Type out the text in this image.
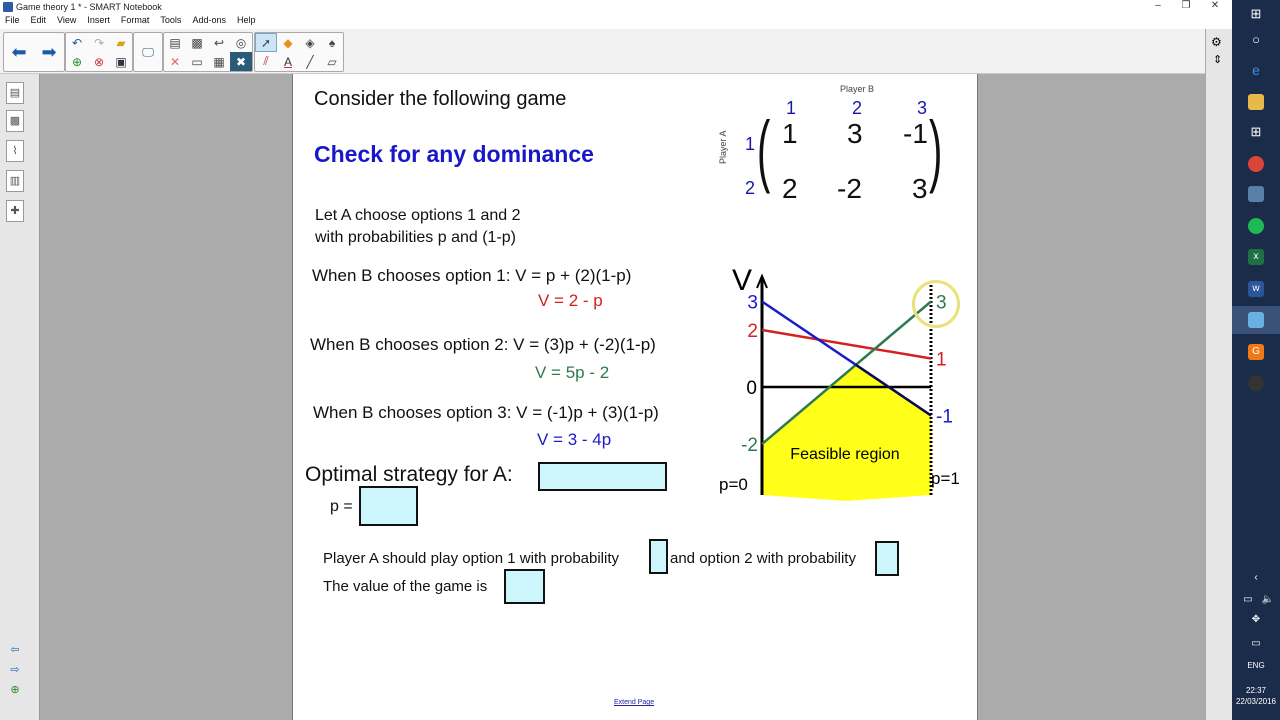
Game theory 1 * - SMART Notebook	–	❐	✕
File Edit View Insert Format Tools Add-ons Help
⬅ ➡	↶ ↷	▰
⊕ ⊗ ▣
🖵
▤ ▩ ↩ ◎
✕ ▭ ▦ ✖
➚	◆	◈	♠
⫽	A	╱	▱
▤
▩
⌇
▥
✚
⇦
⇨
⊕
⚙
⇕
Consider the following game
Check for any dominance
Player B
Player A
1	2	3
1
2 ( )
1 3 -1
2 -2 3
Let A choose options 1 and 2
with probabilities p and (1-p)
When B chooses option 1: V = p + (2)(1-p)
V = 2 - p
When B chooses option 2: V = (3)p + (-2)(1-p)
V = 5p - 2
When B chooses option 3: V = (-1)p + (3)(1-p)
V = 3 - 4p
Optimal strategy for A:
p =
Player A should play option 1 with probability	and option 2 with probability
The value of the game is
Extend Page
2
1
-2
3
3
-1
V
0
p=0	p=1
Feasible region
⊞
○
e
⊞
x
w
G
‹
▭ 🔈
✥
▭
ENG
22:37
22/03/2016
